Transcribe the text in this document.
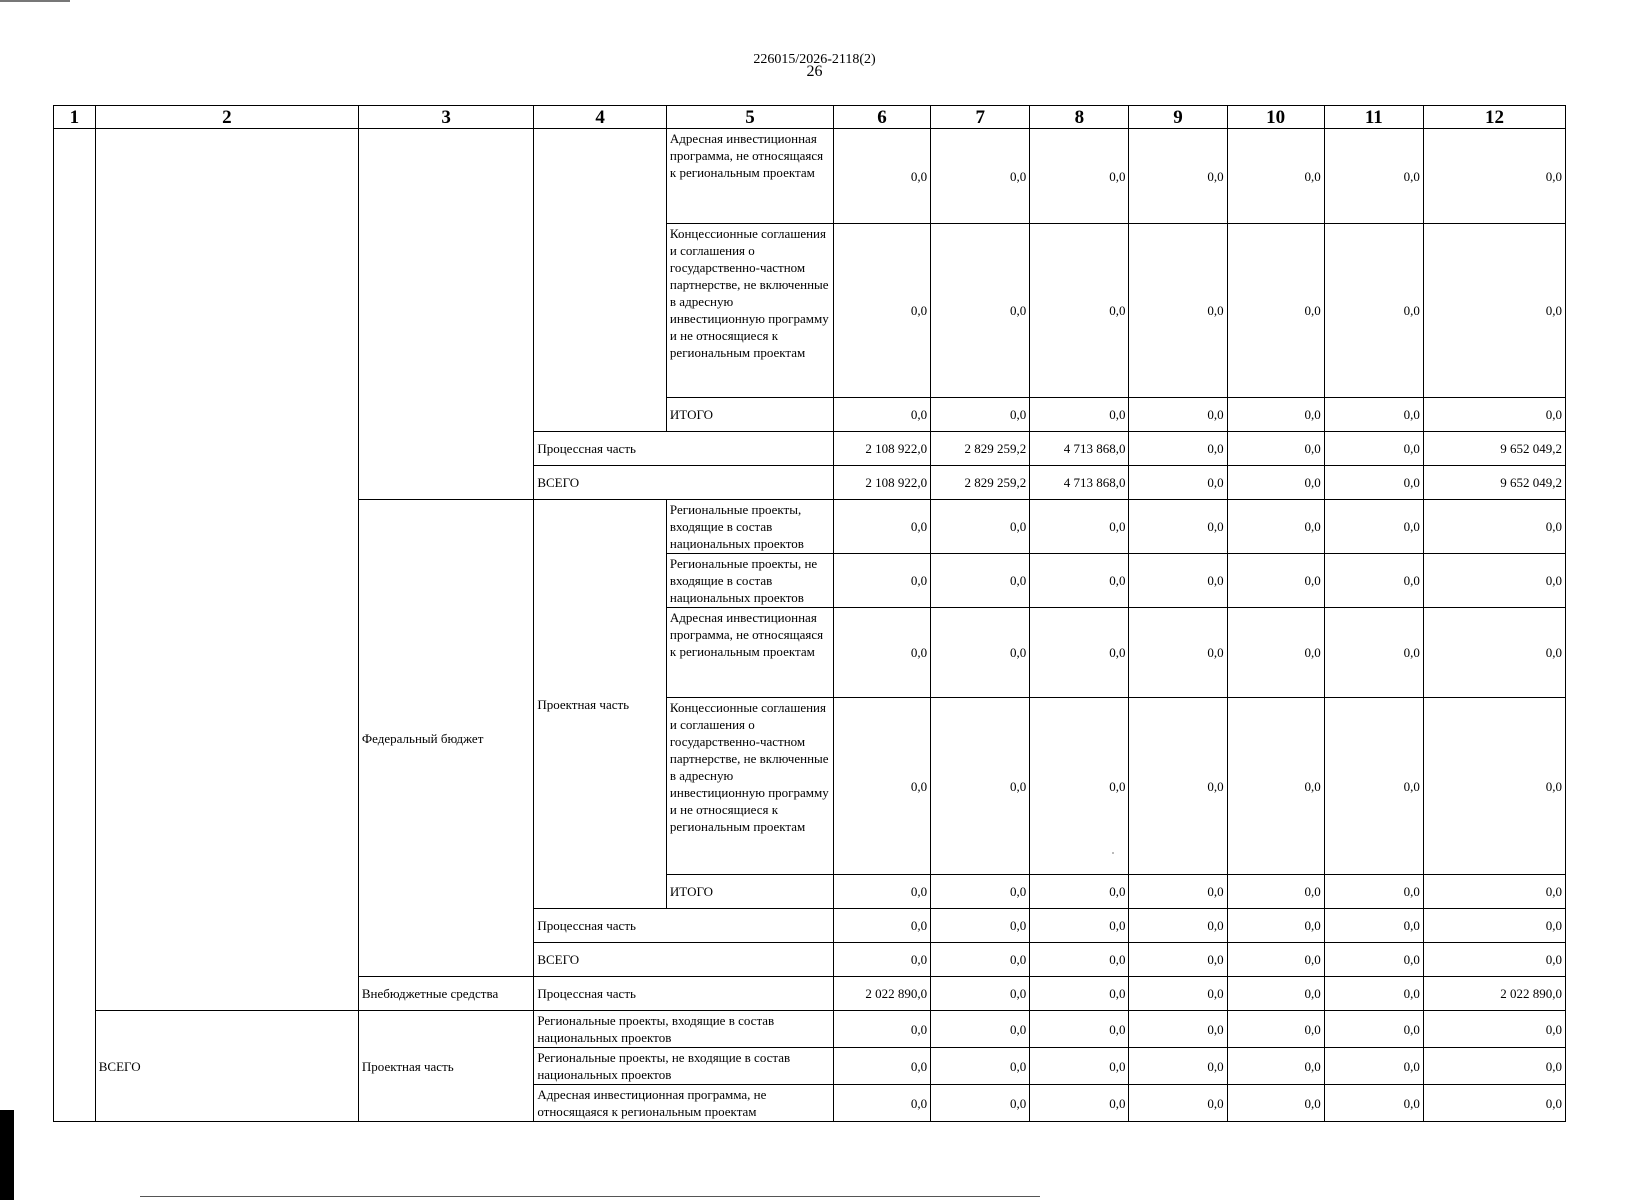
226015/2026-2118(2)
26
1	2	3	4	5	6	7	8	9	10	11	12
				Адресная инвестиционная программа, не относящаяся к региональным проектам	0,0	0,0	0,0	0,0	0,0	0,0	0,0
				Концессионные соглашения и соглашения о государственно-частном партнерстве, не включенные в адресную инвестиционную программу и не относящиеся к региональным проектам	0,0	0,0	0,0	0,0	0,0	0,0	0,0
				ИТОГО	0,0	0,0	0,0	0,0	0,0	0,0	0,0
			Процессная часть		2 108 922,0	2 829 259,2	4 713 868,0	0,0	0,0	0,0	9 652 049,2
			ВСЕГО		2 108 922,0	2 829 259,2	4 713 868,0	0,0	0,0	0,0	9 652 049,2
		Федеральный бюджет	Проектная часть	Региональные проекты, входящие в состав национальных проектов	0,0	0,0	0,0	0,0	0,0	0,0	0,0
				Региональные проекты, не входящие в состав национальных проектов	0,0	0,0	0,0	0,0	0,0	0,0	0,0
				Адресная инвестиционная программа, не относящаяся к региональным проектам	0,0	0,0	0,0	0,0	0,0	0,0	0,0
				Концессионные соглашения и соглашения о государственно-частном партнерстве, не включенные в адресную инвестиционную программу и не относящиеся к региональным проектам	0,0	0,0	0,0	0,0	0,0	0,0	0,0
				ИТОГО	0,0	0,0	0,0	0,0	0,0	0,0	0,0
			Процессная часть		0,0	0,0	0,0	0,0	0,0	0,0	0,0
			ВСЕГО		0,0	0,0	0,0	0,0	0,0	0,0	0,0
		Внебюджетные средства	Процессная часть		2 022 890,0	0,0	0,0	0,0	0,0	0,0	2 022 890,0
	ВСЕГО	Проектная часть	Региональные проекты, входящие в состав национальных проектов		0,0	0,0	0,0	0,0	0,0	0,0	0,0
			Региональные проекты, не входящие в состав национальных проектов		0,0	0,0	0,0	0,0	0,0	0,0	0,0
			Адресная инвестиционная программа, не относящаяся к региональным проектам		0,0	0,0	0,0	0,0	0,0	0,0	0,0
